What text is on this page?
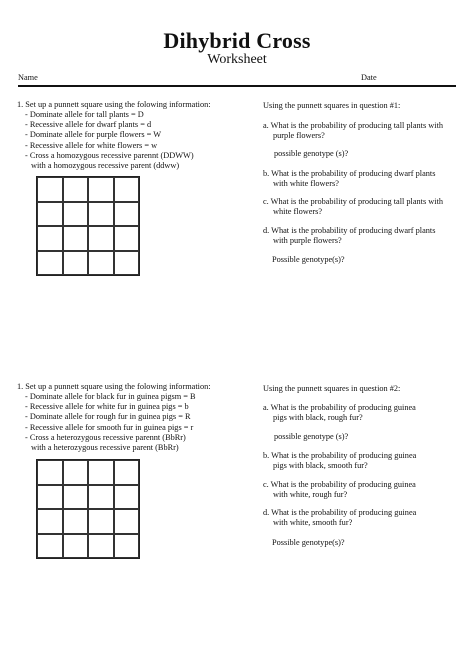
Dihybrid Cross
Worksheet
Name	Date
1. Set up a punnett square using the folowing information:
- Dominate allele for tall plants = D
- Recessive allele for dwarf plants = d
- Dominate allele for purple flowers = W
- Recessive allele for white flowers = w
- Cross a homozygous recessive parennt (DDWW)
with a homozygous recessive parent (ddww)
Using the punnett squares in question #1:
a. What is the probability of producing tall plants with
purple flowers?
possible genotype (s)?
b. What is the probability of producing dwarf plants
with white flowers?
c. What is the probability of producing tall plants with
white flowers?
d. What is the probability of producing dwarf plants
with purple flowers?
Possible genotype(s)?
1. Set up a punnett square using the folowing information:
- Dominate allele for black fur in guinea pigsm = B
- Recessive allele for white fur in guinea pigs = b
- Dominate allele for rough fur in guinea pigs = R
- Recessive allele for smooth fur in guinea pigs = r
- Cross a heterozygous recessive parennt (BbRr)
with a heterozygous recessive parent (BbRr)
Using the punnett squares in question #2:
a. What is the probability of producing guinea
pigs with black, rough fur?
possible genotype (s)?
b. What is the probability of producing guinea
pigs with black, smooth fur?
c. What is the probability of producing guinea
with white, rough fur?
d. What is the probability of producing guinea
with white, smooth fur?
Possible genotype(s)?
